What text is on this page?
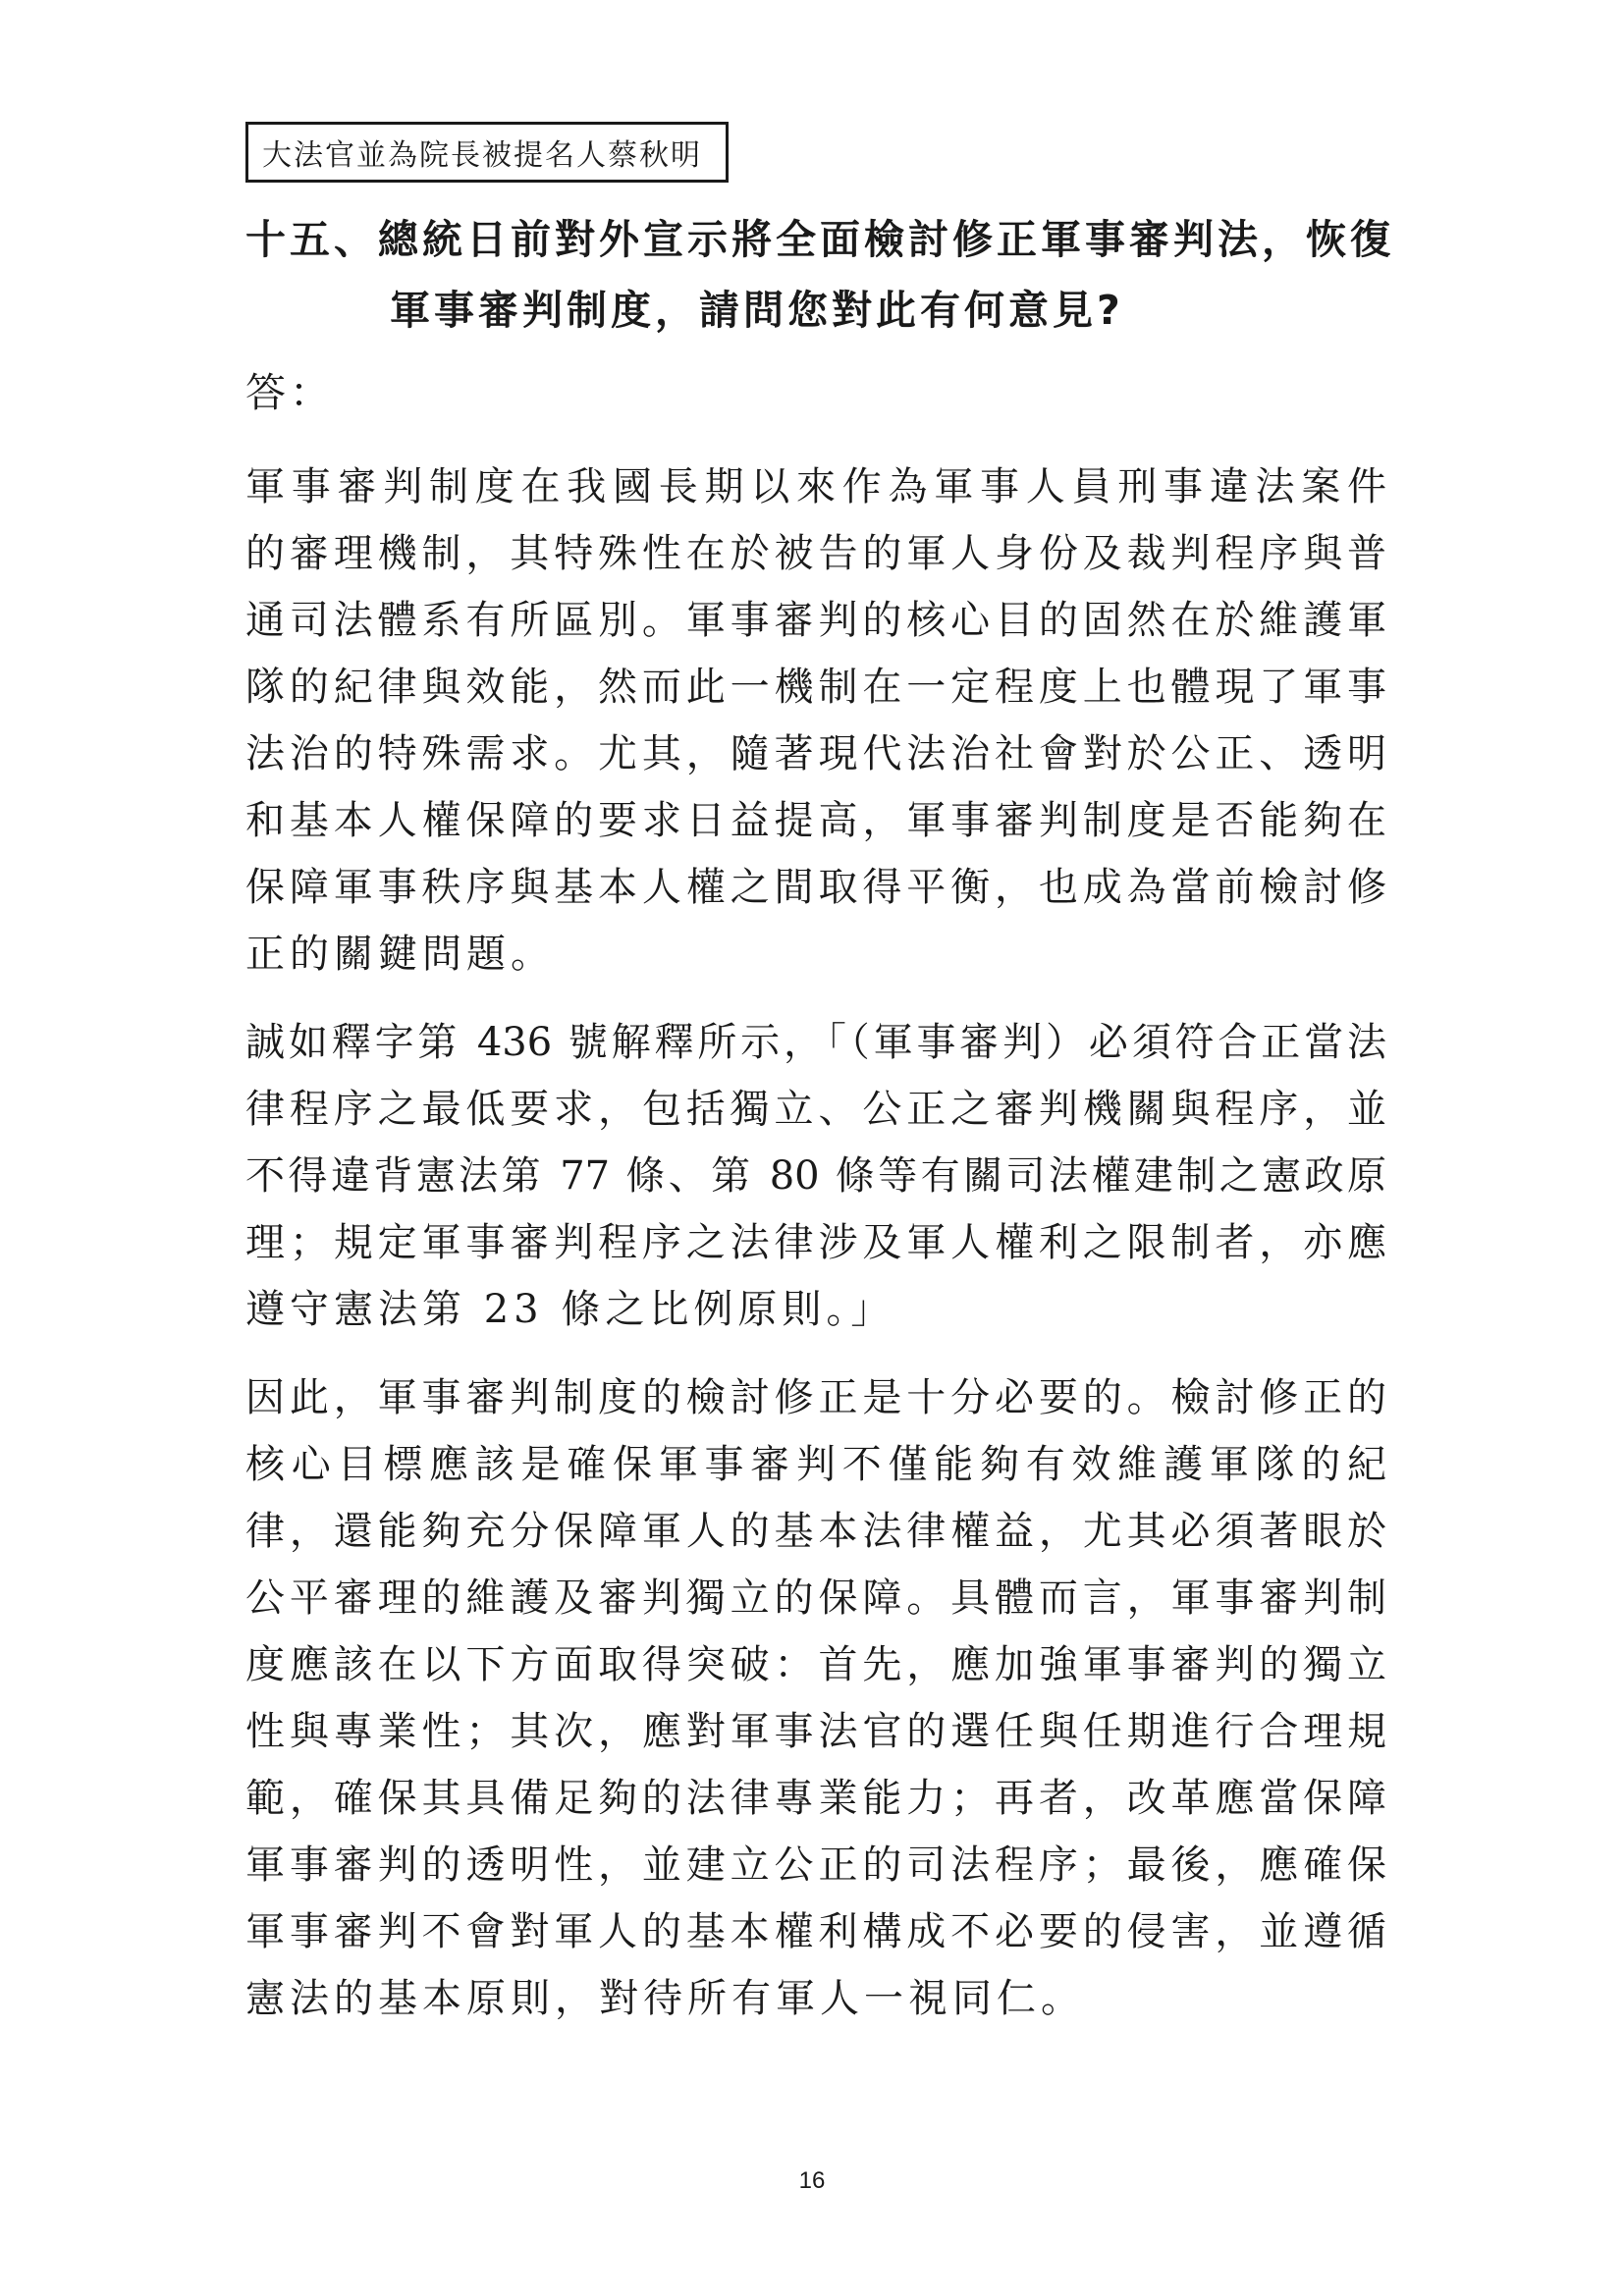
大法官並為院長被提名人蔡秋明
十五、總統日前對外宣示將全面檢討修正軍事審判法，恢復
軍事審判制度，請問您對此有何意見?
答：
軍事審判制度在我國長期以來作為軍事人員刑事違法案件
的審理機制，其特殊性在於被告的軍人身份及裁判程序與普
通司法體系有所區別。軍事審判的核心目的固然在於維護軍
隊的紀律與效能，然而此一機制在一定程度上也體現了軍事
法治的特殊需求。尤其，隨著現代法治社會對於公正、透明
和基本人權保障的要求日益提高，軍事審判制度是否能夠在
保障軍事秩序與基本人權之間取得平衡，也成為當前檢討修
正的關鍵問題。
誠如釋字第 436 號解釋所示，「（軍事審判）必須符合正當法
律程序之最低要求，包括獨立、公正之審判機關與程序，並
不得違背憲法第 77 條、第 80 條等有關司法權建制之憲政原
理；規定軍事審判程序之法律涉及軍人權利之限制者，亦應
遵守憲法第 23 條之比例原則。」
因此，軍事審判制度的檢討修正是十分必要的。檢討修正的
核心目標應該是確保軍事審判不僅能夠有效維護軍隊的紀
律，還能夠充分保障軍人的基本法律權益，尤其必須著眼於
公平審理的維護及審判獨立的保障。具體而言，軍事審判制
度應該在以下方面取得突破：首先，應加強軍事審判的獨立
性與專業性；其次，應對軍事法官的選任與任期進行合理規
範，確保其具備足夠的法律專業能力；再者，改革應當保障
軍事審判的透明性，並建立公正的司法程序；最後，應確保
軍事審判不會對軍人的基本權利構成不必要的侵害，並遵循
憲法的基本原則，對待所有軍人一視同仁。
16
